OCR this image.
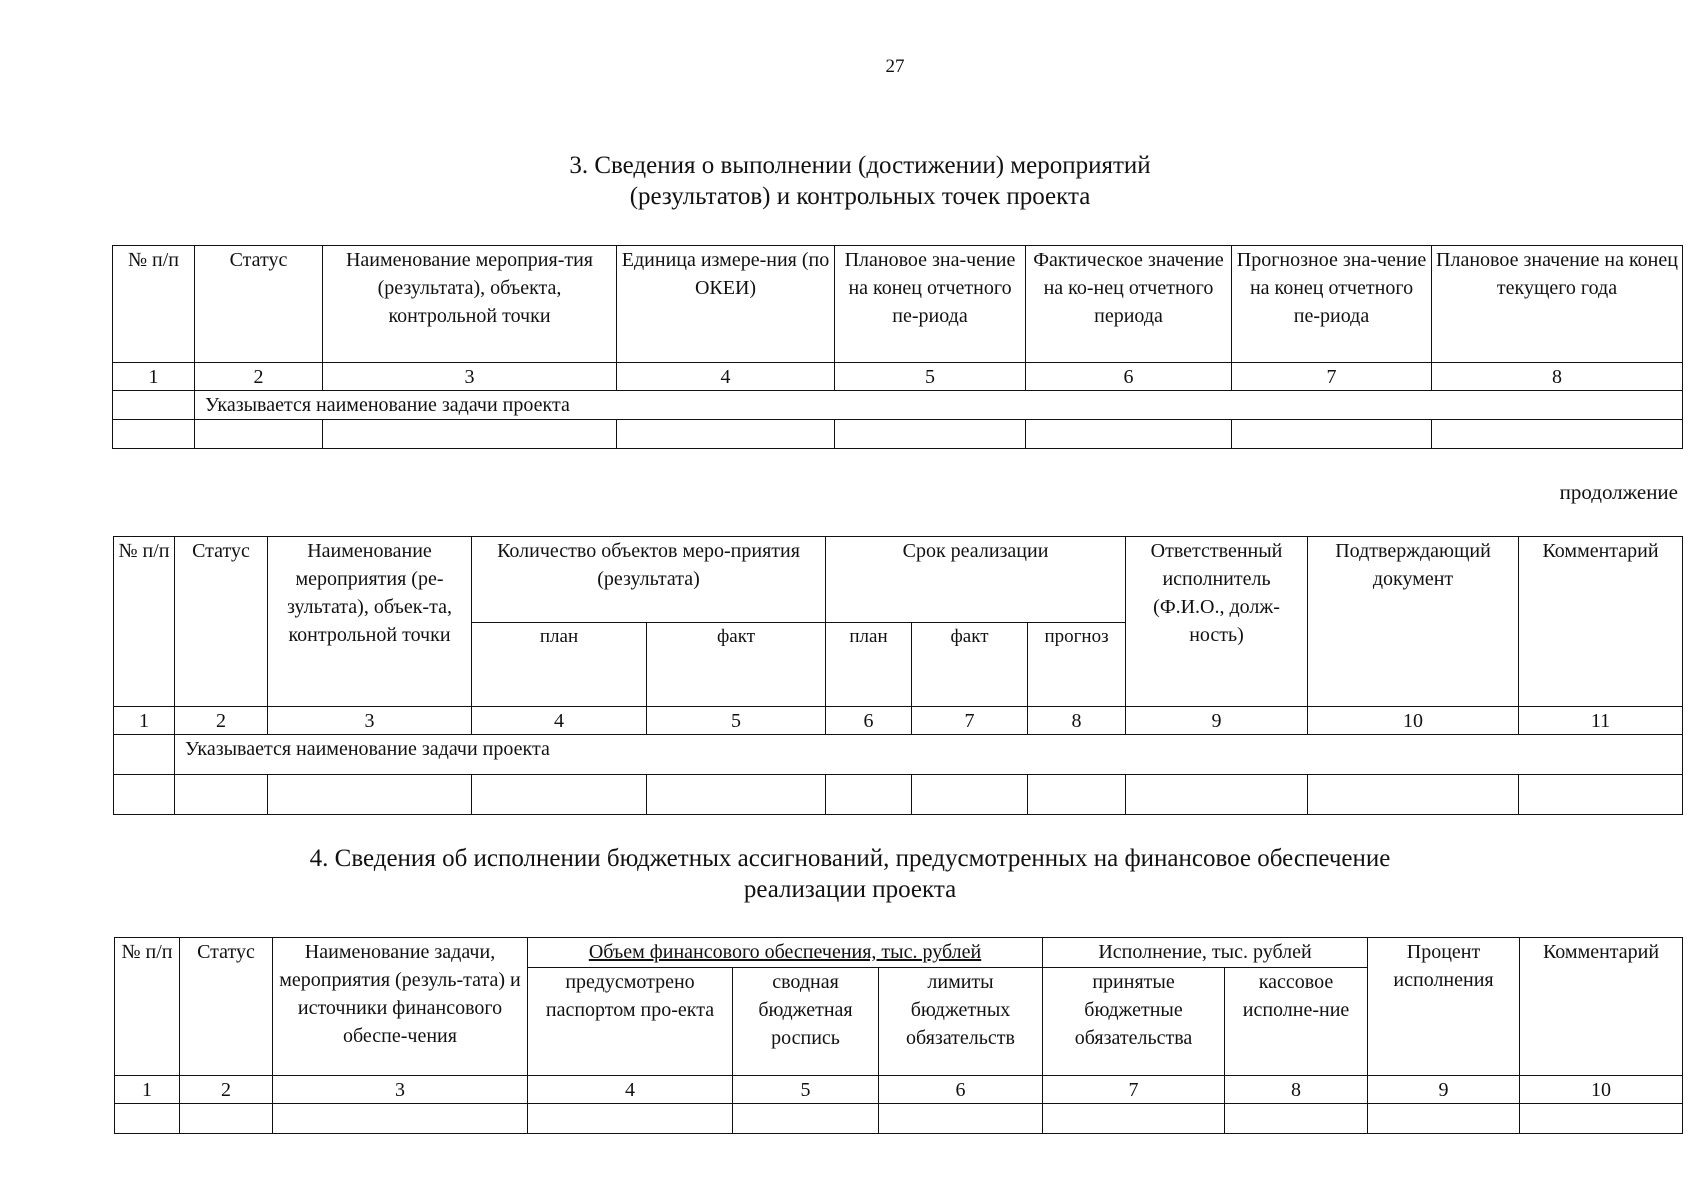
27
3. Сведения о выполнении (достижении) мероприятий
(результатов) и контрольных точек проекта
№ п/п	Статус	Наименование мероприя-тия (результата), объекта, контрольной точки	Единица измере-ния (по ОКЕИ)	Плановое зна-чение на конец отчетного пе-риода	Фактическое значение на ко-нец отчетного периода	Прогнозное зна-чение на конец отчетного пе-риода	Плановое значение на конец текущего года
1	2	3	4	5	6	7	8
	Указывается наименование задачи проекта						

продолжение
№ п/п	Статус	Наименование мероприятия (ре-зультата), объек-та, контрольной точки	Количество объектов меро-приятия (результата)		Срок реализации			Ответственный исполнитель (Ф.И.О., долж-ность)	Подтверждающий документ	Комментарий
			план	факт	план	факт	прогноз			
1	2	3	4	5	6	7	8	9	10	11
	Указывается наименование задачи проекта									

4. Сведения об исполнении бюджетных ассигнований, предусмотренных на финансовое обеспечение
реализации проекта
№ п/п	Статус	Наименование задачи, мероприятия (резуль-тата) и источники финансового обеспе-чения	Объем финансового обеспечения, тыс. рублей			Исполнение, тыс. рублей		Процент исполнения	Комментарий
			предусмотрено паспортом про-екта	сводная бюджетная роспись	лимиты бюджетных обязательств	принятые бюджетные обязательства	кассовое исполне-ние		
1	2	3	4	5	6	7	8	9	10
